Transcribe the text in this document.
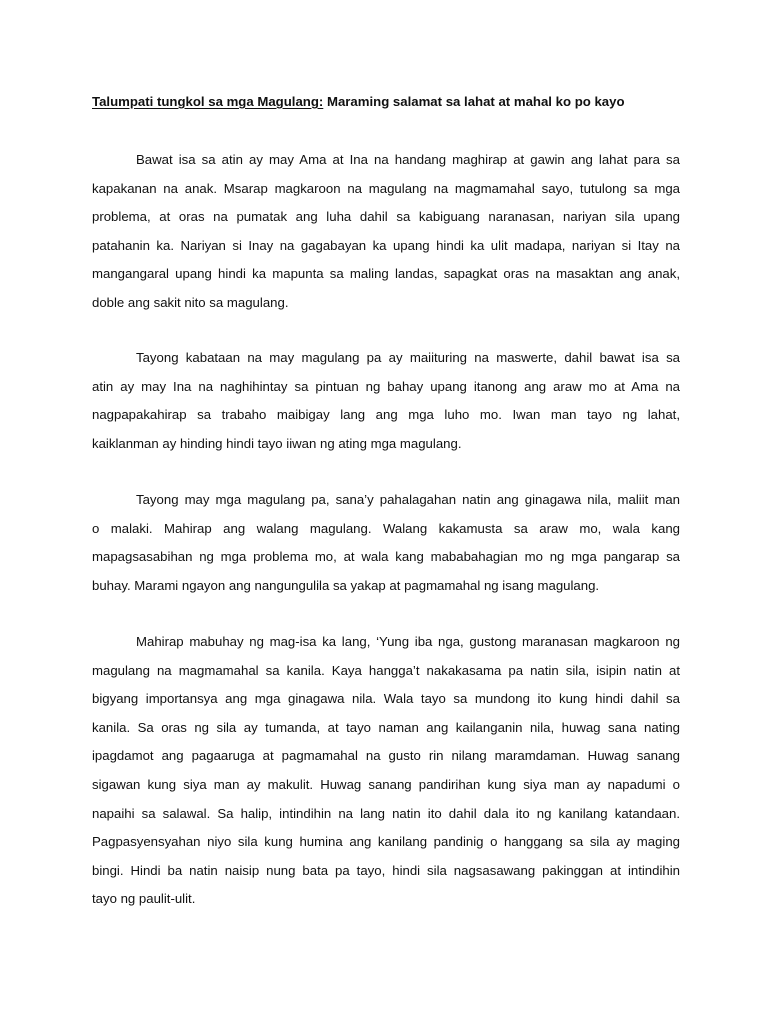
Talumpati tungkol sa mga Magulang: Maraming salamat sa lahat at mahal ko po kayo
Bawat isa sa atin ay may Ama at Ina na handang maghirap at gawin ang lahat para sa
kapakanan na anak. Msarap magkaroon na magulang na magmamahal sayo, tutulong sa mga
problema, at oras na pumatak ang luha dahil sa kabiguang naranasan, nariyan sila upang
patahanin ka. Nariyan si Inay na gagabayan ka upang hindi ka ulit madapa, nariyan si Itay na
mangangaral upang hindi ka mapunta sa maling landas, sapagkat oras na masaktan ang anak,
doble ang sakit nito sa magulang.
Tayong kabataan na may magulang pa ay maiituring na maswerte, dahil bawat isa sa
atin ay may Ina na naghihintay sa pintuan ng bahay upang itanong ang araw mo at Ama na
nagpapakahirap sa trabaho maibigay lang ang mga luho mo. Iwan man tayo ng lahat,
kaiklanman ay hinding hindi tayo iiwan ng ating mga magulang.
Tayong may mga magulang pa, sana’y pahalagahan natin ang ginagawa nila, maliit man
o malaki. Mahirap ang walang magulang. Walang kakamusta sa araw mo, wala kang
mapagsasabihan ng mga problema mo, at wala kang mababahagian mo ng mga pangarap sa
buhay. Marami ngayon ang nangungulila sa yakap at pagmamahal ng isang magulang.
Mahirap mabuhay ng mag-isa ka lang, ‘Yung iba nga, gustong maranasan magkaroon ng
magulang na magmamahal sa kanila. Kaya hangga’t nakakasama pa natin sila, isipin natin at
bigyang importansya ang mga ginagawa nila. Wala tayo sa mundong ito kung hindi dahil sa
kanila. Sa oras ng sila ay tumanda, at tayo naman ang kailanganin nila, huwag sana nating
ipagdamot ang pagaaruga at pagmamahal na gusto rin nilang maramdaman. Huwag sanang
sigawan kung siya man ay makulit. Huwag sanang pandirihan kung siya man ay napadumi o
napaihi sa salawal. Sa halip, intindihin na lang natin ito dahil dala ito ng kanilang katandaan.
Pagpasyensyahan niyo sila kung humina ang kanilang pandinig o hanggang sa sila ay maging
bingi. Hindi ba natin naisip nung bata pa tayo, hindi sila nagsasawang pakinggan at intindihin
tayo ng paulit-ulit.
